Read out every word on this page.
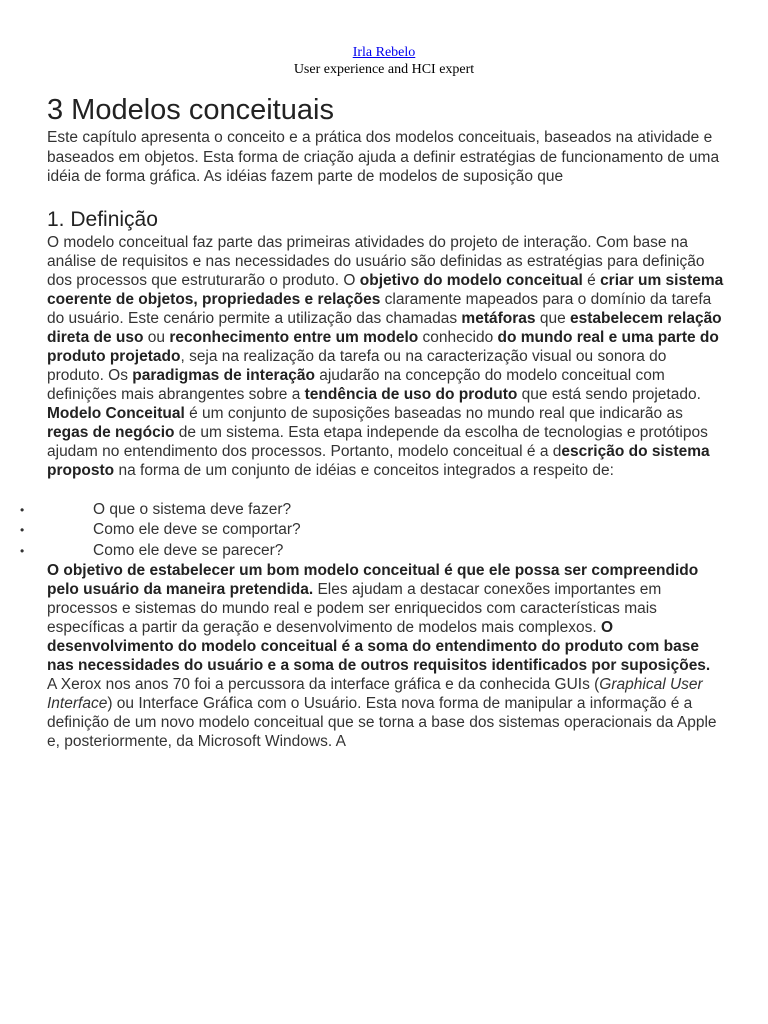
Irla Rebelo
User experience and HCI expert
3 Modelos conceituais

Este capítulo apresenta o conceito e a prática dos modelos conceituais, baseados na atividade e baseados em objetos. Esta forma de criação ajuda a definir estratégias de funcionamento de uma idéia de forma gráfica. As idéias fazem parte de modelos de suposição que

1. Definição

O modelo conceitual faz parte das primeiras atividades do projeto de interação. Com base na análise de requisitos e nas necessidades do usuário são definidas as estratégias para definição dos processos que estruturarão o produto. O objetivo do modelo conceitual é criar um sistema coerente de objetos, propriedades e relações claramente mapeados para o domínio da tarefa do usuário. Este cenário permite a utilização das chamadas metáforas que estabelecem relação direta de uso ou reconhecimento entre um modelo conhecido do mundo real e uma parte do produto projetado, seja na realização da tarefa ou na caracterização visual ou sonora do produto. Os paradigmas de interação ajudarão na concepção do modelo conceitual com definições mais abrangentes sobre a tendência de uso do produto que está sendo projetado.

Modelo Conceitual é um conjunto de suposições baseadas no mundo real que indicarão as regas de negócio de um sistema. Esta etapa independe da escolha de tecnologias e protótipos ajudam no entendimento dos processos. Portanto, modelo conceitual é a descrição do sistema proposto na forma de um conjunto de idéias e conceitos integrados a respeito de:

•	O que o sistema deve fazer?
•	Como ele deve se comportar?
•	Como ele deve se parecer?

O objetivo de estabelecer um bom modelo conceitual é que ele possa ser compreendido pelo usuário da maneira pretendida. Eles ajudam a destacar conexões importantes em processos e sistemas do mundo real e podem ser enriquecidos com características mais específicas a partir da geração e desenvolvimento de modelos mais complexos. O desenvolvimento do modelo conceitual é a soma do entendimento do produto com base nas necessidades do usuário e a soma de outros requisitos identificados por suposições.

A Xerox nos anos 70 foi a percussora da interface gráfica e da conhecida GUIs (Graphical User Interface) ou Interface Gráfica com o Usuário. Esta nova forma de manipular a informação é a definição de um novo modelo conceitual que se torna a base dos sistemas operacionais da Apple e, posteriormente, da Microsoft Windows. A
